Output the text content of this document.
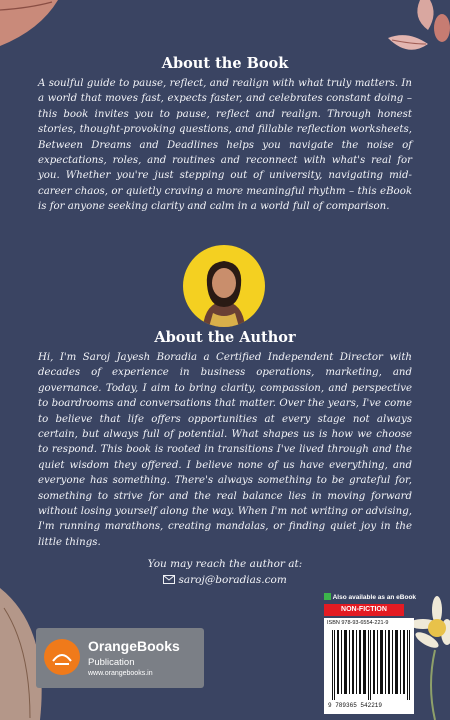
About the Book

A soulful guide to pause, reflect, and realign with what truly matters. In a world that moves fast, expects faster, and celebrates constant doing – this book invites you to pause, reflect and realign. Through honest stories, thought-provoking questions, and fillable reflection worksheets, Between Dreams and Deadlines helps you navigate the noise of expectations, roles, and routines and reconnect with what's real for you. Whether you're just stepping out of university, navigating mid-career chaos, or quietly craving a more meaningful rhythm – this eBook is for anyone seeking clarity and calm in a world full of comparison.

About the Author

Hi, I'm Saroj Jayesh Boradia a Certified Independent Director with decades of experience in business operations, marketing, and governance. Today, I aim to bring clarity, compassion, and perspective to boardrooms and conversations that matter. Over the years, I've come to believe that life offers opportunities at every stage not always certain, but always full of potential. What shapes us is how we choose to respond. This book is rooted in transitions I've lived through and the quiet wisdom they offered. I believe none of us have everything, and everyone has something. There's always something to be grateful for, something to strive for and the real balance lies in moving forward without losing yourself along the way. When I'm not writing or advising, I'm running marathons, creating mandalas, or finding quiet joy in the little things.

You may reach the author at:
saroj@boradias.com
OrangeBooks
Publication
www.orangebooks.in
Also available as an eBook
NON-FICTION
ISBN 978-93-6554-221-9
9 789365 542219
